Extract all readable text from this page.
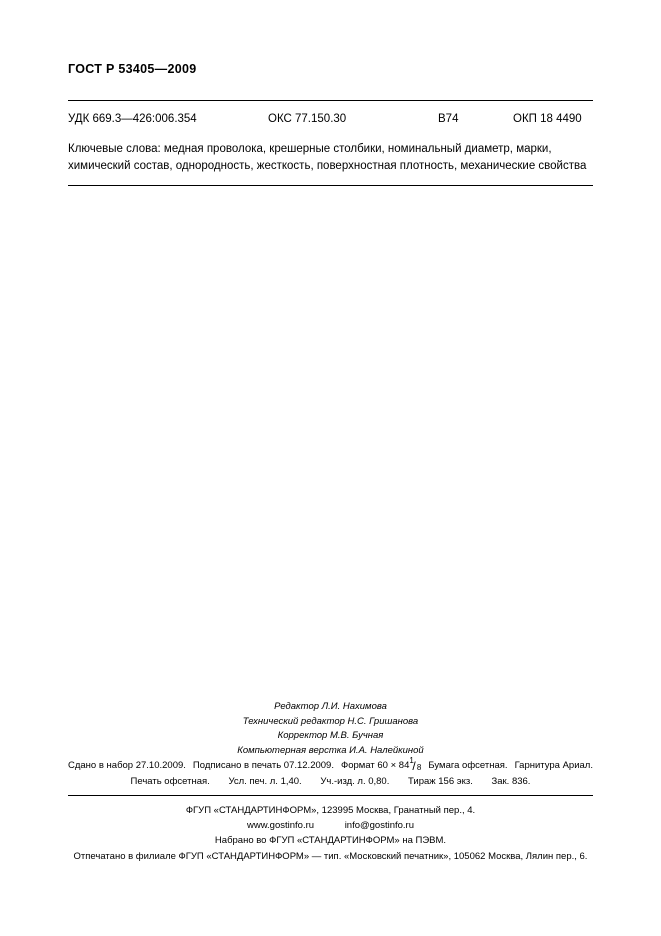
ГОСТ Р 53405—2009
УДК 669.3—426:006.354	ОКС 77.150.30	В74	ОКП 18 4490
Ключевые слова: медная проволока, крешерные столбики, номинальный диаметр, марки, химический состав, однородность, жесткость, поверхностная плотность, механические свойства
Редактор Л.И. Нахимова
Технический редактор Н.С. Гришанова
Корректор М.В. Бучная
Компьютерная верстка И.А. Налейкиной
Сдано в набор 27.10.2009. Подписано в печать 07.12.2009. Формат 60 × 84 1
/ 8 Бумага офсетная. Гарнитура Ариал.
Печать офсетная. Усл. печ. л. 1,40. Уч.-изд. л. 0,80. Тираж 156 экз. Зак. 836.
ФГУП «СТАНДАРТИНФОРМ», 123995 Москва, Гранатный пер., 4.
www.gostinfo.ru	info@gostinfo.ru
Набрано во ФГУП «СТАНДАРТИНФОРМ» на ПЭВМ.
Отпечатано в филиале ФГУП «СТАНДАРТИНФОРМ» — тип. «Московский печатник», 105062 Москва, Лялин пер., 6.
